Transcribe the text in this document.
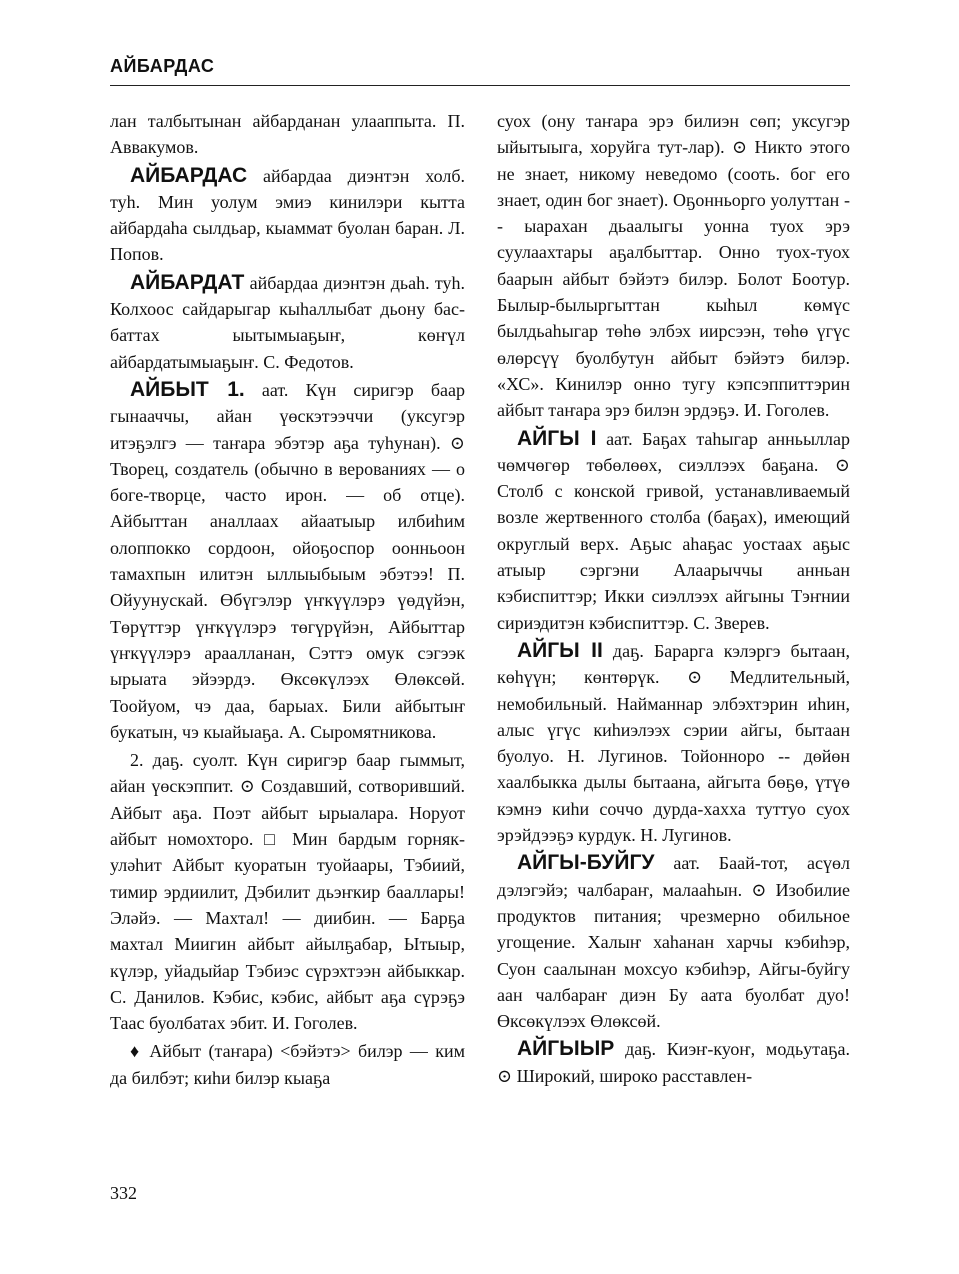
АЙБАРДАС

лан талбытынан айбарданан улааппыта. П. Аввакумов.

АЙБАРДАС айбардаа диэнтэн холб. туһ. Мин уолум эмиэ кинилэри кытта айбардаһа сылдьар, кыаммат буолан баран. Л. Попов.

АЙБАРДАТ айбардаа диэнтэн дьаһ. туһ. Колхоос сайдарыгар кыһаллыбат дьону бас-баттах ыытымыаҕыҥ, көҥүл айбардатымыаҕыҥ. С. Федотов.

АЙБЫТ 1. аат. Күн сиригэр баар гынааччы, айан үөскэтээччи (уксугэр итэҕэлгэ — таҥара эбэтэр аҕа туһунан). ⊙ Творец, создатель (обычно в верованиях — о боге-творце, часто ирон. — об отце). Айбыттан аналлаах айаатыыр илбиһим олоппокко сордоон, ойоҕоспор оонньоон тамахпын илитэн ыллыыбыым эбэтээ! П. Ойуунускай. Өбүгэлэр үҥкүүлэрэ үөдүйэн, Төрүттэр үҥкүүлэрэ төгүрүйэн, Айбыттар үҥкүүлэрэ араалланан, Сэттэ омук сэгээк ырыата эйээрдэ. Өксөкүлээх Өлөксөй. Тоойуом, чэ даа, барыах. Били айбытыҥ букатын, чэ кыайыаҕа. А. Сыромятникова.

2. даҕ. суолт. Күн сиригэр баар гыммыт, айан үөскэппит. ⊙ Создавший, сотворивший. Айбыт аҕа. Поэт айбыт ырыалара. Норуот айбыт номохторо. □ Мин бардым горняк-уләһит Айбыт куоратын туойаары, Тэбиий, тимир эрдиилит, Дэбилит дьэҥкир бааллары! Эләйэ. — Махтал! — диибин. — Барҕа махтал Миигин айбыт айылҕабар, Ытыыр, күлэр, уйадыйар Тэбиэс сүрэхтээн айбыккар. С. Данилов. Кэбис, кэбис, айбыт аҕа сүрэҕэ Таас буолбатах эбит. И. Гоголев.

♦ Айбыт (таҥара) <бэйэтэ> билэр — ким да билбэт; киһи билэр кыаҕа

суох (ону таҥара эрэ билиэн сөп; уксугэр ыйытыыга, хоруйга тут-лар). ⊙ Никто этого не знает, никому неведомо (сооть. бог его знает, один бог знает). Оҕонньорго уолуттан -- ыарахан дьаалыгы уонна туох эрэ суулаахтары аҕалбыттар. Онно туох-туох баарын айбыт бэйэтэ билэр. Болот Боотур. Былыр-былыргыттан кыһыл көмүс былдьаһыгар төһө элбэх иирсээн, төһө үгүс өлөрсүү буолбутун айбыт бэйэтэ билэр. «ХС». Кинилэр онно тугу кэпсэппиттэрин айбыт таҥара эрэ билэн эрдэҕэ. И. Гоголев.

АЙГЫ I аат. Баҕах таһыгар анньыллар чөмчөгөр төбөлөөх, сиэллээх баҕана. ⊙ Столб с конской гривой, устанавливаемый возле жертвенного столба (баҕах), имеющий округлый верх. Аҕыс аһаҕас уостаах аҕыс атыыр сэргэни Алаарыччы анньан кэбиспиттэр; Икки сиэллээх айгыны Тэҥнии сириэдитэн кэбиспиттэр. С. Зверев.

АЙГЫ II даҕ. Бараргa кэлэргэ бытаан, көһүүн; көнтөрүк. ⊙ Медлительный, немобильный. Найманнар элбэхтэрин иһин, алыс үгүс киһиэлээх сэрии айгы, бытаан буолуо. Н. Лугинов. Тойонноро -- дөйөн хаалбыкка дылы бытаана, айгыта бөҕө, үтүө кэмнэ киһи соччо дурда-хахха туттуо суох эрэйдээҕэ курдук. Н. Лугинов.

АЙГЫ-БУЙГУ аат. Баай-тот, асүөл дэлэгэйэ; чалбараҥ, малааһын. ⊙ Изобилие продуктов питания; чрезмерно обильное угощение. Халыҥ хаһанан харчы кэбиһэр, Суон саалынан мохсуо кэбиһэр, Айгы-буйгу аан чалбараҥ диэн Бу аата буолбат дуо! Өксөкүлээх Өлөксөй.

АЙГЫЫР даҕ. Киэҥ-куоҥ, модьутаҕа. ⊙ Широкий, широко расставлен-

332
